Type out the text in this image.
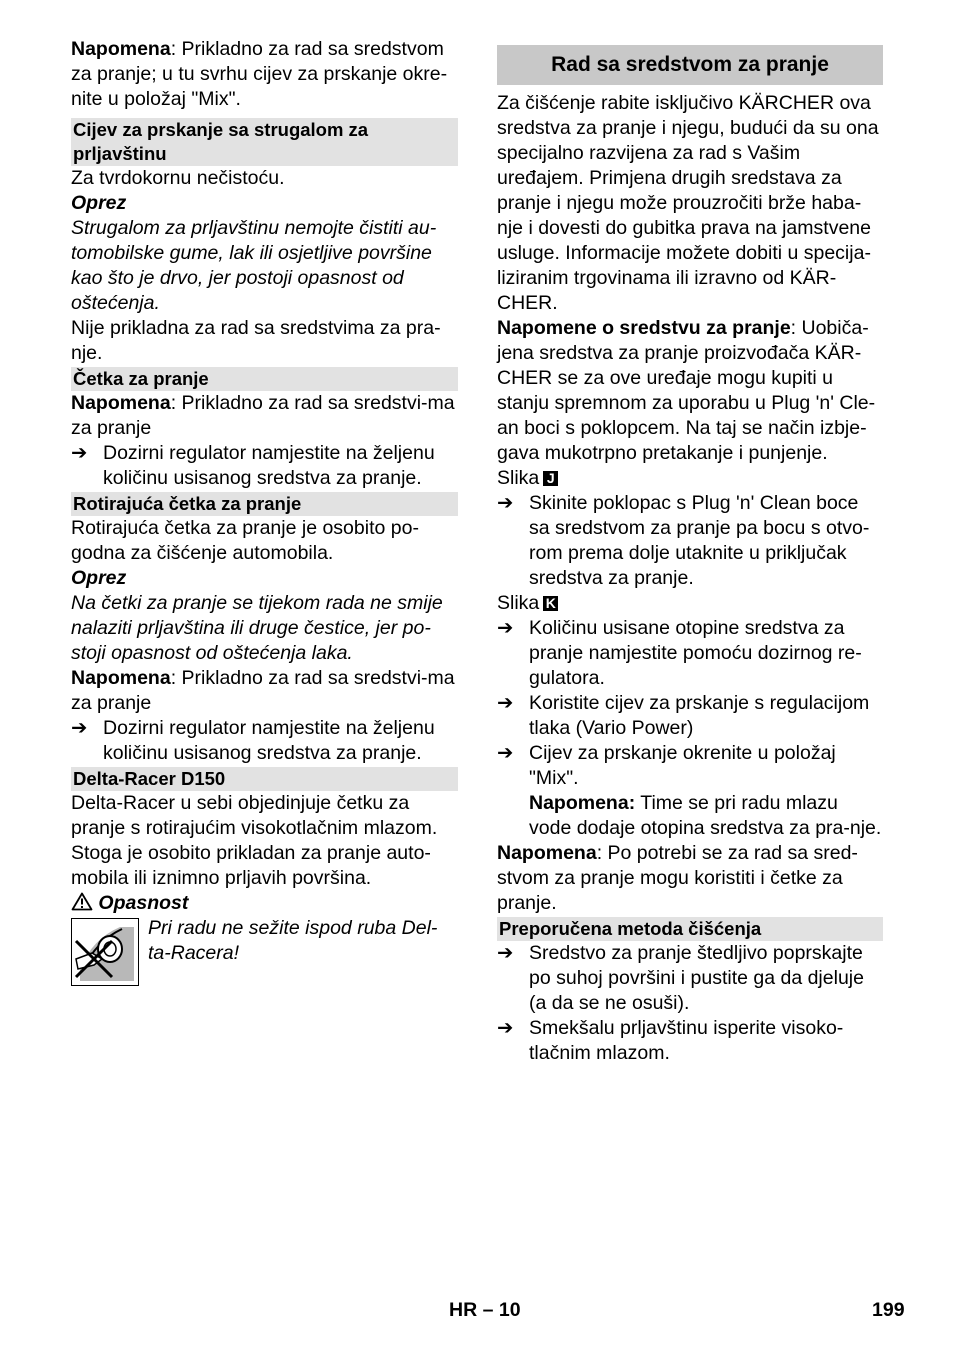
Napomena: Prikladno za rad sa sredstvom za pranje; u tu svrhu cijev za prskanje okre-nite u položaj "Mix".

Cijev za prskanje sa strugalom za prljavštinu

Za tvrdokornu nečistoću.

Oprez

Strugalom za prljavštinu nemojte čistiti au-tomobilske gume, lak ili osjetljive površine kao što je drvo, jer postoji opasnost od oštećenja.

Nije prikladna za rad sa sredstvima za pra-nje.

Četka za pranje

Napomena: Prikladno za rad sa sredstvi-ma za pranje

➔ Dozirni regulator namjestite na željenu količinu usisanog sredstva za pranje.
Rotirajuća četka za pranje

Rotirajuća četka za pranje je osobito po-godna za čišćenje automobila.

Oprez

Na četki za pranje se tijekom rada ne smije nalaziti prljavština ili druge čestice, jer po-stoji opasnost od oštećenja laka.

Napomena: Prikladno za rad sa sredstvi-ma za pranje

➔ Dozirni regulator namjestite na željenu količinu usisanog sredstva za pranje.
Delta-Racer D150

Delta-Racer u sebi objedinjuje četku za pranje s rotirajućim visokotlačnim mlazom. Stoga je osobito prikladan za pranje auto-mobila ili iznimno prljavih površina.

Opasnost

Pri radu ne sežite ispod ruba Del-ta-Racera!

Rad sa sredstvom za pranje

Za čišćenje rabite isključivo KÄRCHER ova sredstva za pranje i njegu, budući da su ona specijalno razvijena za rad s Vašim uređajem. Primjena drugih sredstava za pranje i njegu može prouzročiti brže haba-nje i dovesti do gubitka prava na jamstvene usluge. Informacije možete dobiti u specija-liziranim trgovinama ili izravno od KÄR-CHER.

Napomene o sredstvu za pranje: Uobiča-jena sredstva za pranje proizvođača KÄR-CHER se za ove uređaje mogu kupiti u stanju spremnom za uporabu u Plug 'n' Cle-an boci s poklopcem. Na taj se način izbje-gava mukotrpno pretakanje i punjenje.

Slika J

➔ Skinite poklopac s Plug 'n' Clean boce sa sredstvom za pranje pa bocu s otvo-rom prema dolje utaknite u priključak sredstva za pranje.

Slika K

➔ Količinu usisane otopine sredstva za pranje namjestite pomoću dozirnog re-gulatora.
➔ Koristite cijev za prskanje s regulacijom tlaka (Vario Power)
➔ Cijev za prskanje okrenite u položaj "Mix".

Napomena: Time se pri radu mlazu vode dodaje otopina sredstva za pra-nje.

Napomena: Po potrebi se za rad sa sred-stvom za pranje mogu koristiti i četke za pranje.

Preporučena metoda čišćenja
➔ Sredstvo za pranje štedljivo poprskajte po suhoj površini i pustite ga da djeluje (a da se ne osuši).
➔ Smekšalu prljavštinu isperite visoko-tlačnim mlazom.
HR – 10	199
